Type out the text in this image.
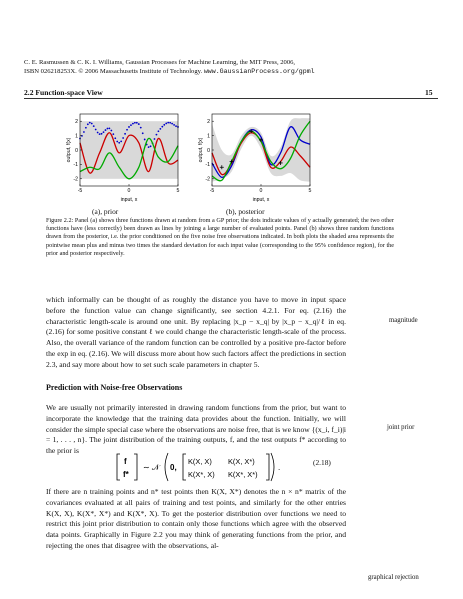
C. E. Rasmussen & C. K. I. Williams, Gaussian Processes for Machine Learning, the MIT Press, 2006,
ISBN 026218253X. © 2006 Massachusetts Institute of Technology. www.GaussianProcess.org/gpml
2.2 Function-space View	15
-5	0	5
-2
-1
0
1
2
output, f(x)
input, x
-5	0	5
-2
-1
0
1
2
output, f(x)
input, x
(a), prior	(b), posterior
Figure 2.2: Panel (a) shows three functions drawn at random from a GP prior; the dots indicate values of y actually generated; the two other functions have (less correctly) been drawn as lines by joining a large number of evaluated points. Panel (b) shows three random functions drawn from the posterior, i.e. the prior conditioned on the five noise free observations indicated. In both plots the shaded area represents the pointwise mean plus and minus two times the standard deviation for each input value (corresponding to the 95% confidence region), for the prior and posterior respectively.
which informally can be thought of as roughly the distance you have to move in input space before the function value can change significantly, see section 4.2.1. For eq. (2.16) the characteristic length-scale is around one unit. By replacing |x_p − x_q| by |x_p − x_q|/ℓ in eq. (2.16) for some positive constant ℓ we could change the characteristic length-scale of the process. Also, the overall variance of the random function can be controlled by a positive pre-factor before the exp in eq. (2.16). We will discuss more about how such factors affect the predictions in section 2.3, and say more about how to set such scale parameters in chapter 5.
magnitude
Prediction with Noise-free Observations
We are usually not primarily interested in drawing random functions from the prior, but want to incorporate the knowledge that the training data provides about the function. Initially, we will consider the simple special case where the observations are noise free, that is we know {(x_i, f_i)|i = 1, . . . , n}. The joint distribution of the training outputs, f, and the test outputs f* according to the prior is
joint prior
f
f*
∼ 𝒩 0,
K(X, X) K(X, X*)
K(X*, X) K(X*, X*)
.
(2.18)
If there are n training points and n* test points then K(X, X*) denotes the n × n* matrix of the covariances evaluated at all pairs of training and test points, and similarly for the other entries K(X, X), K(X*, X*) and K(X*, X). To get the posterior distribution over functions we need to restrict this joint prior distribution to contain only those functions which agree with the observed data points. Graphically in Figure 2.2 you may think of generating functions from the prior, and rejecting the ones that disagree with the observations, al-
graphical rejection
